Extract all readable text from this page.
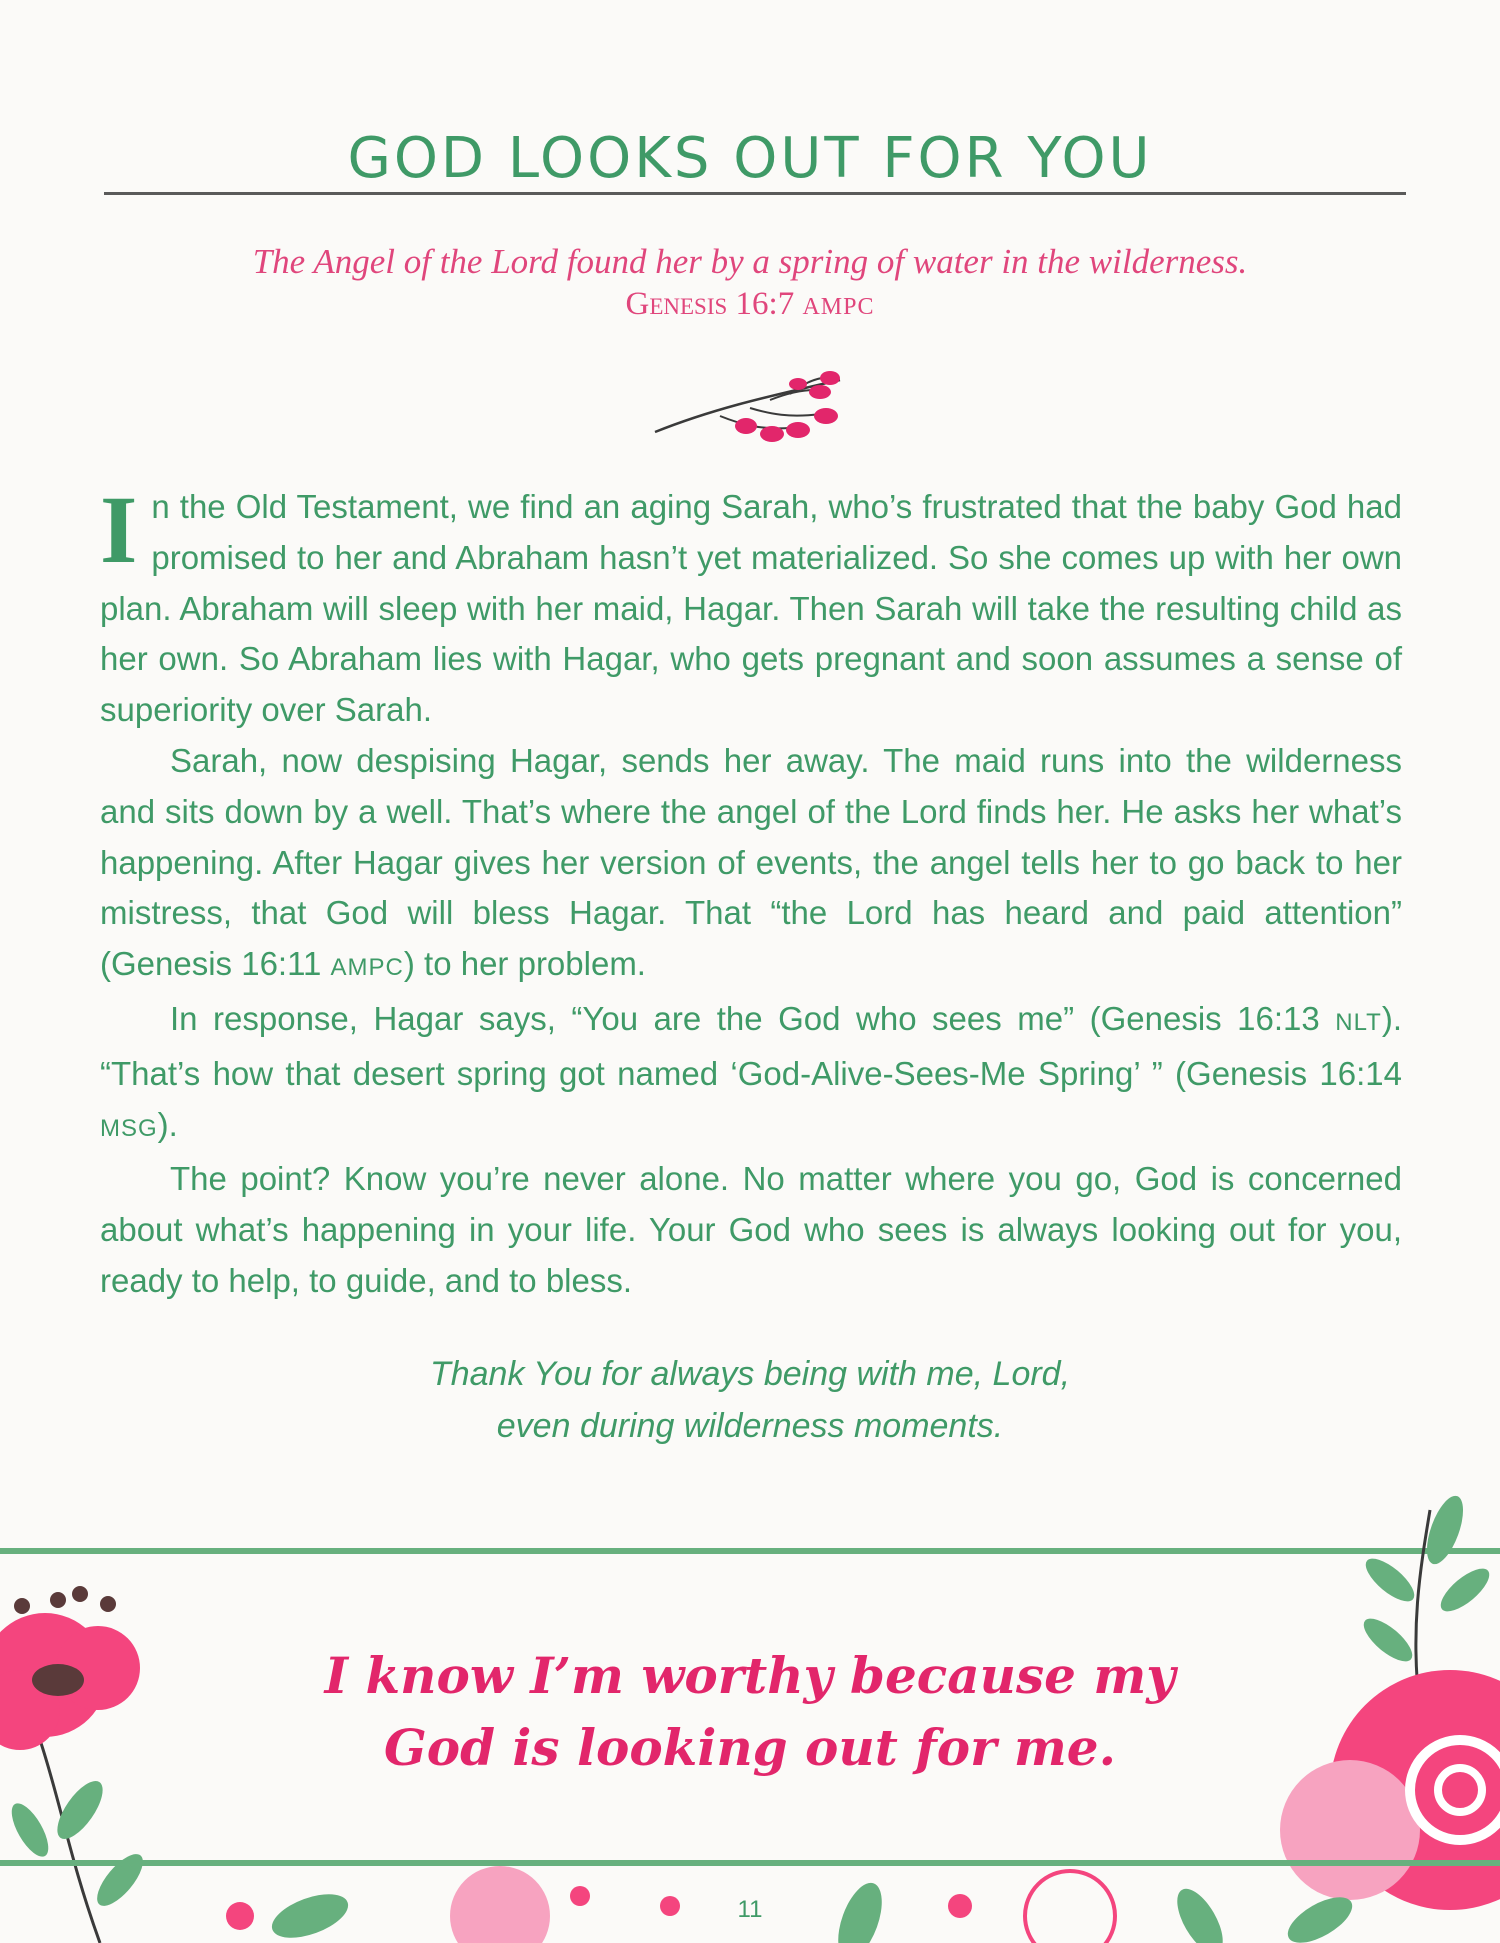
GOD LOOKS OUT FOR YOU
The Angel of the Lord found her by a spring of water in the wilderness.
Genesis 16:7 AMPC

In the Old Testament, we find an aging Sarah, who’s frustrated that the baby God had promised to her and Abraham hasn’t yet materialized. So she comes up with her own plan. Abraham will sleep with her maid, Hagar. Then Sarah will take the resulting child as her own. So Abraham lies with Hagar, who gets pregnant and soon assumes a sense of superiority over Sarah.

Sarah, now despising Hagar, sends her away. The maid runs into the wilderness and sits down by a well. That’s where the angel of the Lord finds her. He asks her what’s happening. After Hagar gives her version of events, the angel tells her to go back to her mistress, that God will bless Hagar. That “the Lord has heard and paid attention” (Genesis 16:11 AMPC) to her problem.

In response, Hagar says, “You are the God who sees me” (Genesis 16:13 NLT). “That’s how that desert spring got named ‘God-Alive-Sees-Me Spring’ ” (Genesis 16:14 MSG).

The point? Know you’re never alone. No matter where you go, God is concerned about what’s happening in your life. Your God who sees is always looking out for you, ready to help, to guide, and to bless.

Thank You for always being with me, Lord,
even during wilderness moments.
I know I’m worthy because my
God is looking out for me.
11
